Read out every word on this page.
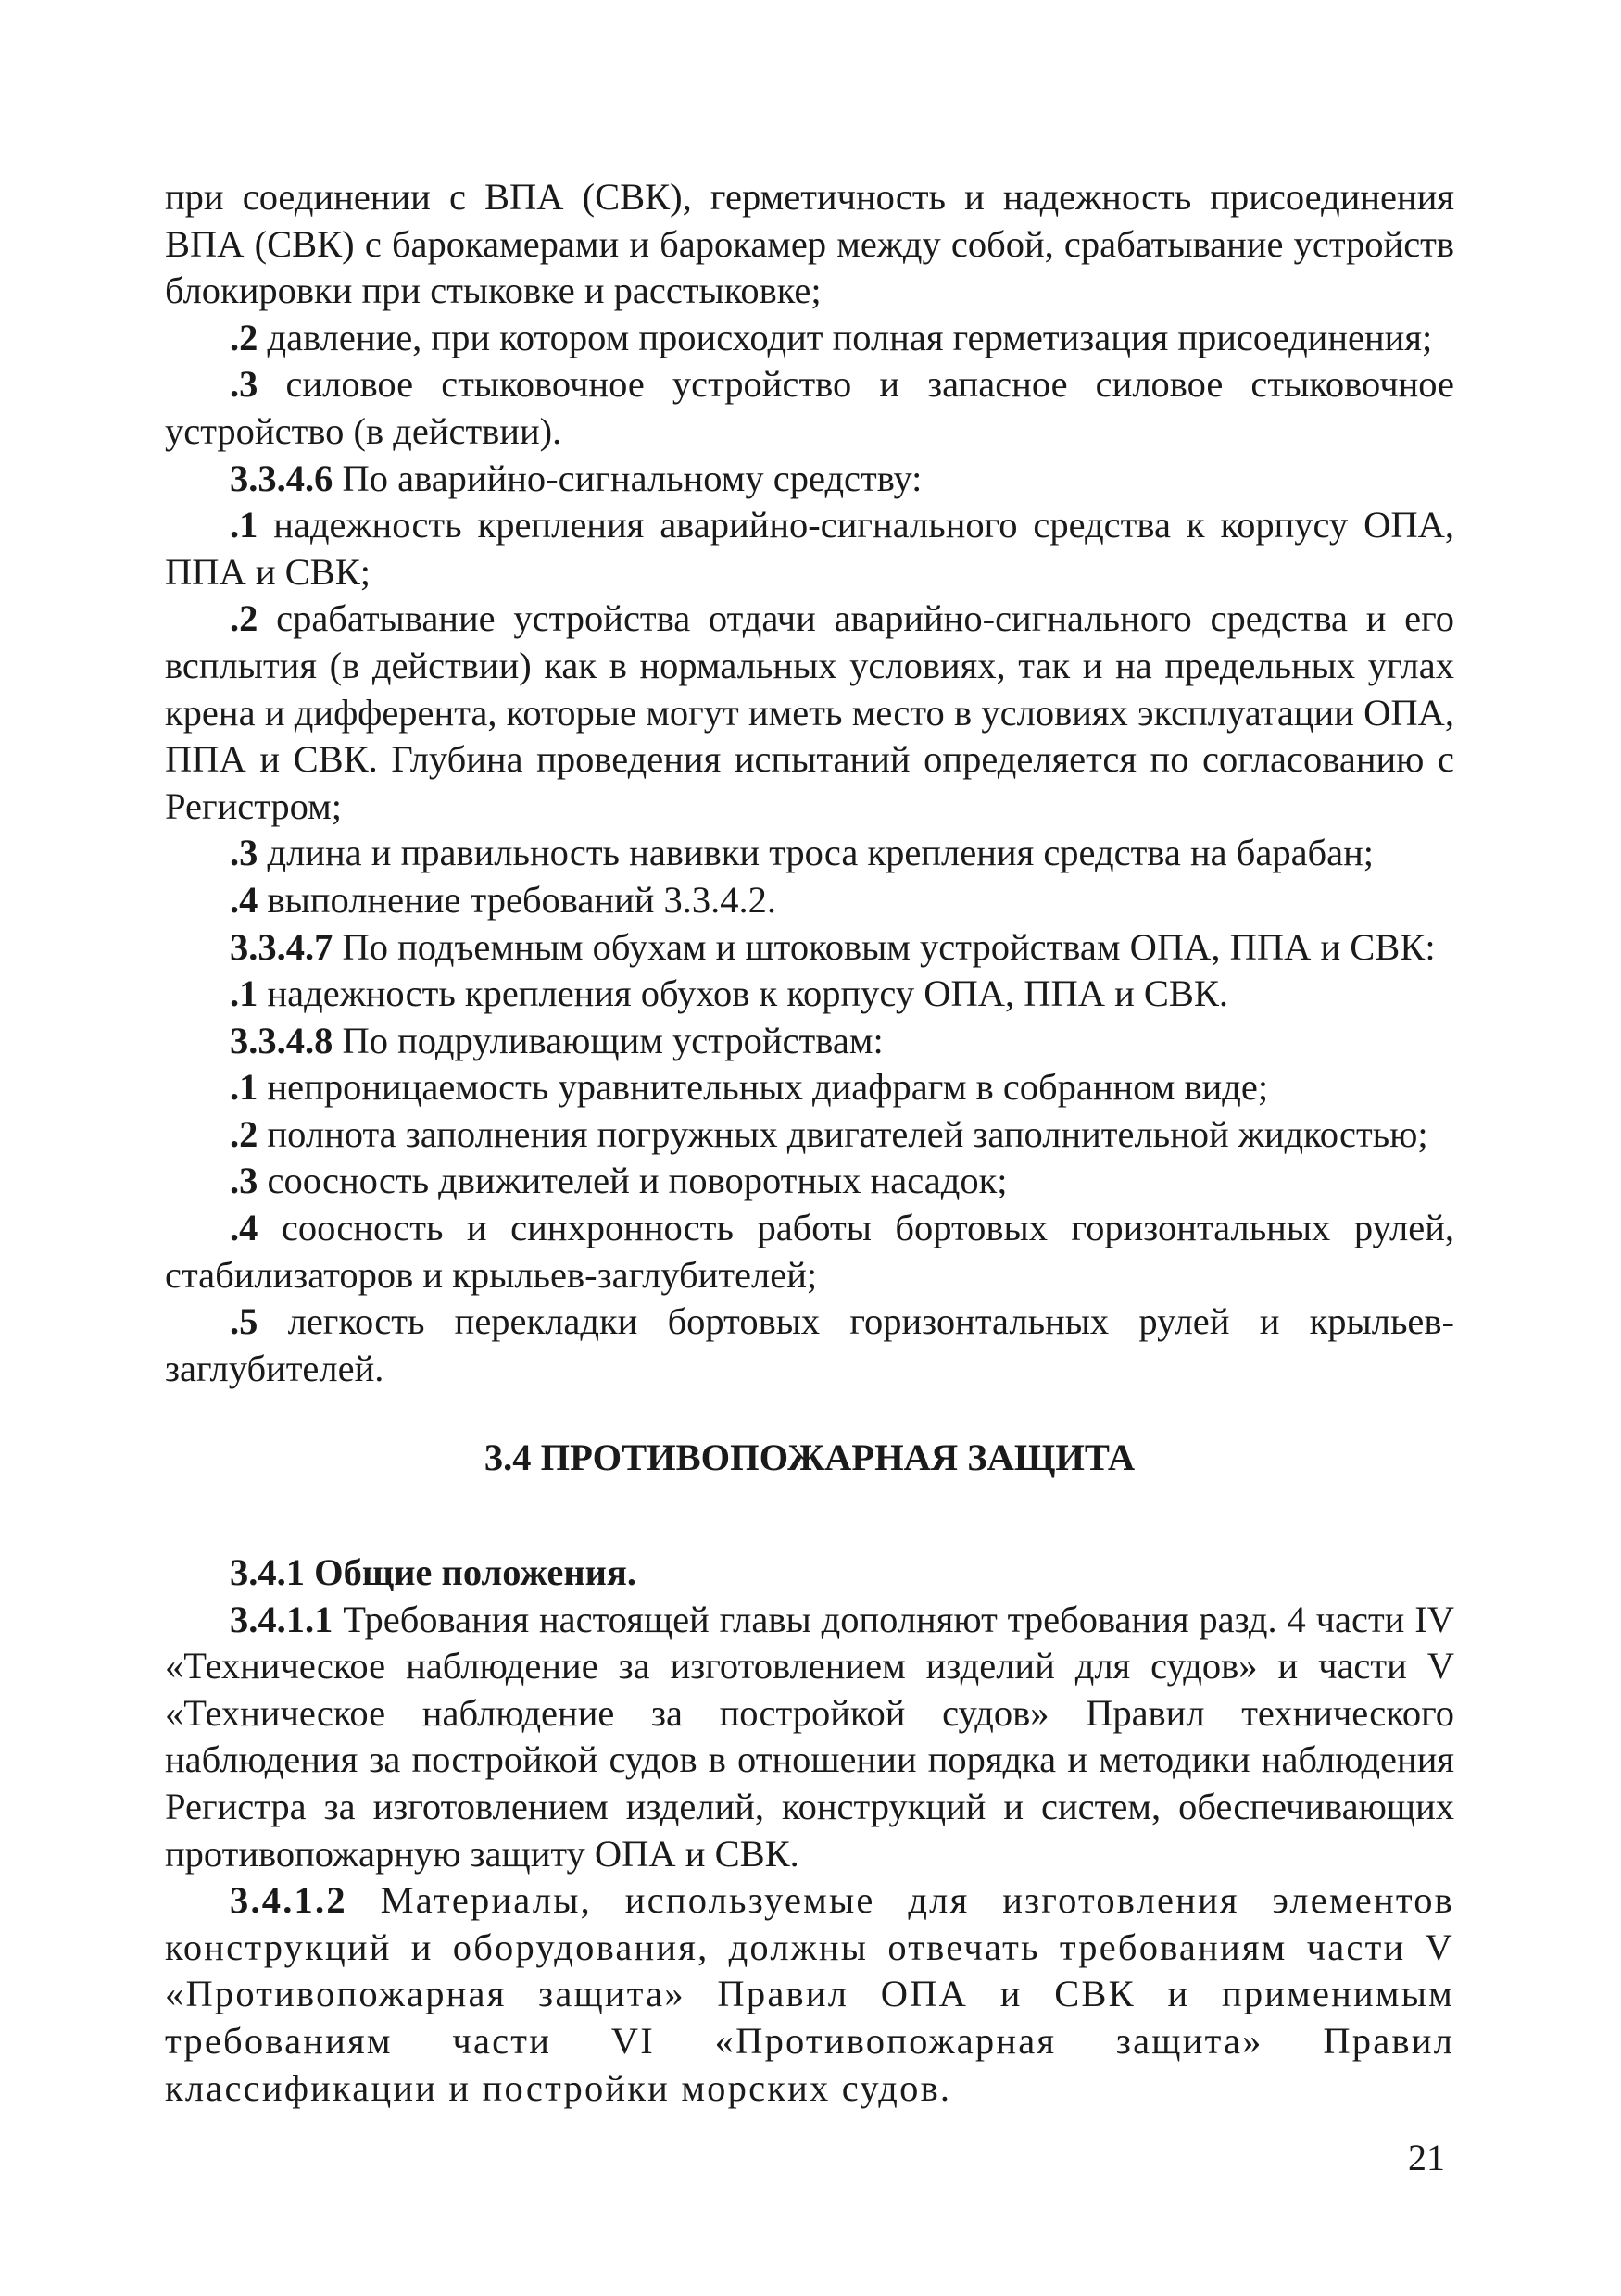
при соединении с ВПА (СВК), герметичность и надежность присоединения ВПА (СВК) с барокамерами и барокамер между собой, срабатывание устройств блокировки при стыковке и расстыковке;

.2 давление, при котором происходит полная герметизация присоединения;

.3 силовое стыковочное устройство и запасное силовое стыковочное устройство (в действии).

3.3.4.6 По аварийно-сигнальному средству:

.1 надежность крепления аварийно-сигнального средства к корпусу ОПА, ППА и СВК;

.2 срабатывание устройства отдачи аварийно-сигнального средства и его всплытия (в действии) как в нормальных условиях, так и на предельных углах крена и дифферента, которые могут иметь место в условиях эксплуатации ОПА, ППА и СВК. Глубина проведения испытаний определяется по согласованию с Регистром;

.3 длина и правильность навивки троса крепления средства на барабан;

.4 выполнение требований 3.3.4.2.

3.3.4.7 По подъемным обухам и штоковым устройствам ОПА, ППА и СВК:

.1 надежность крепления обухов к корпусу ОПА, ППА и СВК.

3.3.4.8 По подруливающим устройствам:

.1 непроницаемость уравнительных диафрагм в собранном виде;

.2 полнота заполнения погружных двигателей заполнительной жидкостью;

.3 соосность движителей и поворотных насадок;

.4 соосность и синхронность работы бортовых горизонтальных рулей, стабилизаторов и крыльев-заглубителей;

.5 легкость перекладки бортовых горизонтальных рулей и крыльев-заглубителей.

3.4 ПРОТИВОПОЖАРНАЯ ЗАЩИТА

3.4.1 Общие положения.

3.4.1.1 Требования настоящей главы дополняют требования разд. 4 части IV «Техническое наблюдение за изготовлением изделий для судов» и части V «Техническое наблюдение за постройкой судов» Правил технического наблюдения за постройкой судов в отношении порядка и методики наблюдения Регистра за изготовлением изделий, конструкций и систем, обеспечивающих противопожарную защиту ОПА и СВК.

3.4.1.2 Материалы, используемые для изготовления элементов конструкций и оборудования, должны отвечать требованиям части V «Противопожарная защита» Правил ОПА и СВК и применимым требованиям части VI «Противопожарная защита» Правил классификации и постройки морских судов.

21
